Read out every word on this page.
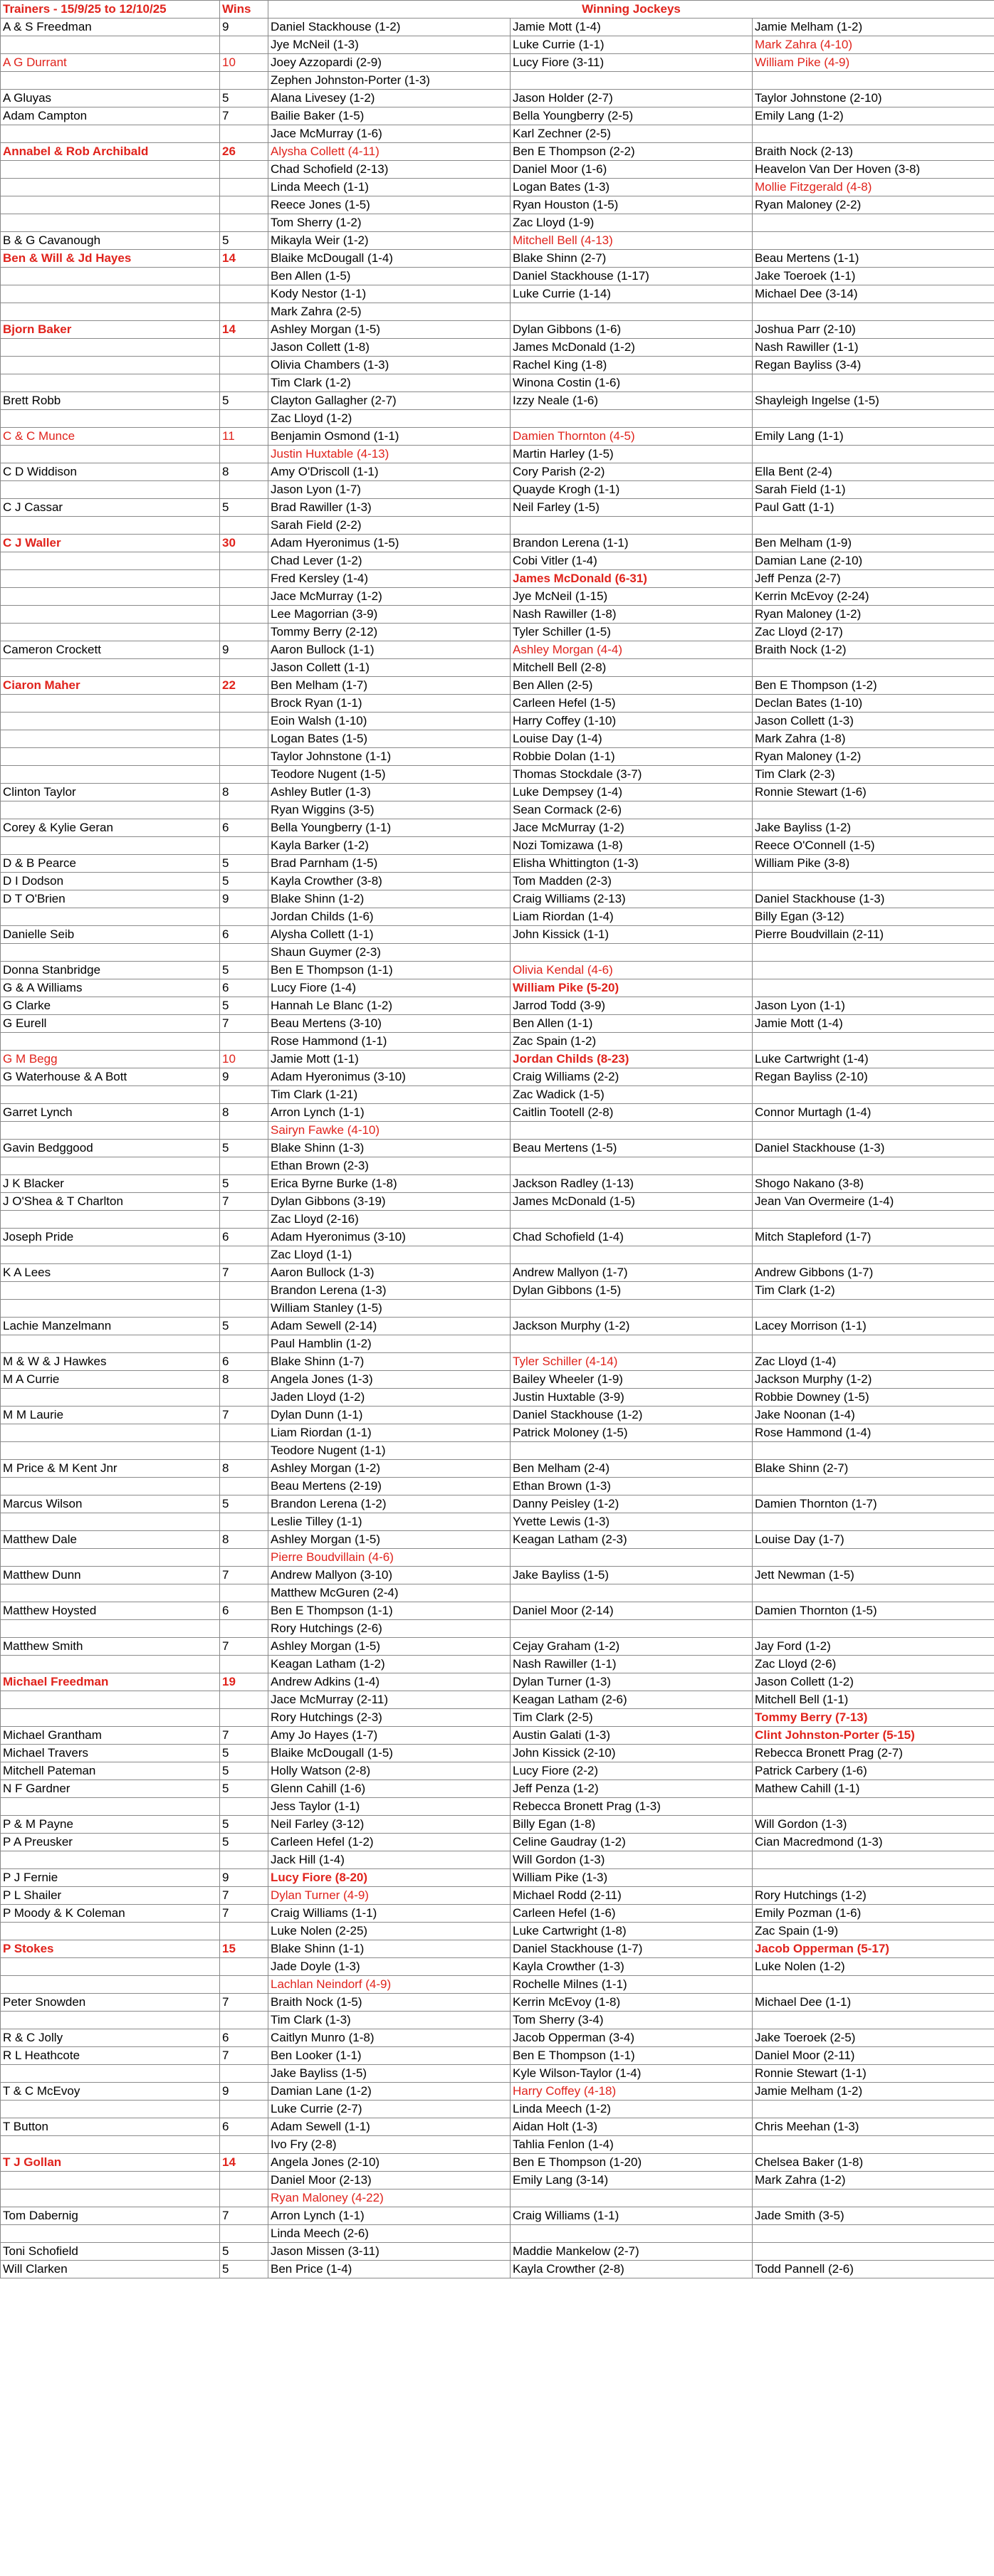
Trainers - 15/9/25 to 12/10/25	Wins	Winning Jockeys		
A & S Freedman	9	Daniel Stackhouse (1-2)	Jamie Mott (1-4)	Jamie Melham (1-2)
		Jye McNeil (1-3)	Luke Currie (1-1)	Mark Zahra (4-10)
A G Durrant	10	Joey Azzopardi (2-9)	Lucy Fiore (3-11)	William Pike (4-9)
		Zephen Johnston-Porter (1-3)		
A Gluyas	5	Alana Livesey (1-2)	Jason Holder (2-7)	Taylor Johnstone (2-10)
Adam Campton	7	Bailie Baker (1-5)	Bella Youngberry (2-5)	Emily Lang (1-2)
		Jace McMurray (1-6)	Karl Zechner (2-5)	
Annabel & Rob Archibald	26	Alysha Collett (4-11)	Ben E Thompson (2-2)	Braith Nock (2-13)
		Chad Schofield (2-13)	Daniel Moor (1-6)	Heavelon Van Der Hoven (3-8)
		Linda Meech (1-1)	Logan Bates (1-3)	Mollie Fitzgerald (4-8)
		Reece Jones (1-5)	Ryan Houston (1-5)	Ryan Maloney (2-2)
		Tom Sherry (1-2)	Zac Lloyd (1-9)	
B & G Cavanough	5	Mikayla Weir (1-2)	Mitchell Bell (4-13)	
Ben & Will & Jd Hayes	14	Blaike McDougall (1-4)	Blake Shinn (2-7)	Beau Mertens (1-1)
		Ben Allen (1-5)	Daniel Stackhouse (1-17)	Jake Toeroek (1-1)
		Kody Nestor (1-1)	Luke Currie (1-14)	Michael Dee (3-14)
		Mark Zahra (2-5)		
Bjorn Baker	14	Ashley Morgan (1-5)	Dylan Gibbons (1-6)	Joshua Parr (2-10)
		Jason Collett (1-8)	James McDonald (1-2)	Nash Rawiller (1-1)
		Olivia Chambers (1-3)	Rachel King (1-8)	Regan Bayliss (3-4)
		Tim Clark (1-2)	Winona Costin (1-6)	
Brett Robb	5	Clayton Gallagher (2-7)	Izzy Neale (1-6)	Shayleigh Ingelse (1-5)
		Zac Lloyd (1-2)		
C & C Munce	11	Benjamin Osmond (1-1)	Damien Thornton (4-5)	Emily Lang (1-1)
		Justin Huxtable (4-13)	Martin Harley (1-5)	
C D Widdison	8	Amy O'Driscoll (1-1)	Cory Parish (2-2)	Ella Bent (2-4)
		Jason Lyon (1-7)	Quayde Krogh (1-1)	Sarah Field (1-1)
C J Cassar	5	Brad Rawiller (1-3)	Neil Farley (1-5)	Paul Gatt (1-1)
		Sarah Field (2-2)		
C J Waller	30	Adam Hyeronimus (1-5)	Brandon Lerena (1-1)	Ben Melham (1-9)
		Chad Lever (1-2)	Cobi Vitler (1-4)	Damian Lane (2-10)
		Fred Kersley (1-4)	James McDonald (6-31)	Jeff Penza (2-7)
		Jace McMurray (1-2)	Jye McNeil (1-15)	Kerrin McEvoy (2-24)
		Lee Magorrian (3-9)	Nash Rawiller (1-8)	Ryan Maloney (1-2)
		Tommy Berry (2-12)	Tyler Schiller (1-5)	Zac Lloyd (2-17)
Cameron Crockett	9	Aaron Bullock (1-1)	Ashley Morgan (4-4)	Braith Nock (1-2)
		Jason Collett (1-1)	Mitchell Bell (2-8)	
Ciaron Maher	22	Ben Melham (1-7)	Ben Allen (2-5)	Ben E Thompson (1-2)
		Brock Ryan (1-1)	Carleen Hefel (1-5)	Declan Bates (1-10)
		Eoin Walsh (1-10)	Harry Coffey (1-10)	Jason Collett (1-3)
		Logan Bates (1-5)	Louise Day (1-4)	Mark Zahra (1-8)
		Taylor Johnstone (1-1)	Robbie Dolan (1-1)	Ryan Maloney (1-2)
		Teodore Nugent (1-5)	Thomas Stockdale (3-7)	Tim Clark (2-3)
Clinton Taylor	8	Ashley Butler (1-3)	Luke Dempsey (1-4)	Ronnie Stewart (1-6)
		Ryan Wiggins (3-5)	Sean Cormack (2-6)	
Corey & Kylie Geran	6	Bella Youngberry (1-1)	Jace McMurray (1-2)	Jake Bayliss (1-2)
		Kayla Barker (1-2)	Nozi Tomizawa (1-8)	Reece O'Connell (1-5)
D & B Pearce	5	Brad Parnham (1-5)	Elisha Whittington (1-3)	William Pike (3-8)
D I Dodson	5	Kayla Crowther (3-8)	Tom Madden (2-3)	
D T O'Brien	9	Blake Shinn (1-2)	Craig Williams (2-13)	Daniel Stackhouse (1-3)
		Jordan Childs (1-6)	Liam Riordan (1-4)	Billy Egan (3-12)
Danielle Seib	6	Alysha Collett (1-1)	John Kissick (1-1)	Pierre Boudvillain (2-11)
		Shaun Guymer (2-3)		
Donna Stanbridge	5	Ben E Thompson (1-1)	Olivia Kendal (4-6)	
G & A Williams	6	Lucy Fiore (1-4)	William Pike (5-20)	
G Clarke	5	Hannah Le Blanc (1-2)	Jarrod Todd (3-9)	Jason Lyon (1-1)
G Eurell	7	Beau Mertens (3-10)	Ben Allen (1-1)	Jamie Mott (1-4)
		Rose Hammond (1-1)	Zac Spain (1-2)	
G M Begg	10	Jamie Mott (1-1)	Jordan Childs (8-23)	Luke Cartwright (1-4)
G Waterhouse & A Bott	9	Adam Hyeronimus (3-10)	Craig Williams (2-2)	Regan Bayliss (2-10)
		Tim Clark (1-21)	Zac Wadick (1-5)	
Garret Lynch	8	Arron Lynch (1-1)	Caitlin Tootell (2-8)	Connor Murtagh (1-4)
		Sairyn Fawke (4-10)		
Gavin Bedggood	5	Blake Shinn (1-3)	Beau Mertens (1-5)	Daniel Stackhouse (1-3)
		Ethan Brown (2-3)		
J K Blacker	5	Erica Byrne Burke (1-8)	Jackson Radley (1-13)	Shogo Nakano (3-8)
J O'Shea & T Charlton	7	Dylan Gibbons (3-19)	James McDonald (1-5)	Jean Van Overmeire (1-4)
		Zac Lloyd (2-16)		
Joseph Pride	6	Adam Hyeronimus (3-10)	Chad Schofield (1-4)	Mitch Stapleford (1-7)
		Zac Lloyd (1-1)		
K A Lees	7	Aaron Bullock (1-3)	Andrew Mallyon (1-7)	Andrew Gibbons (1-7)
		Brandon Lerena (1-3)	Dylan Gibbons (1-5)	Tim Clark (1-2)
		William Stanley (1-5)		
Lachie Manzelmann	5	Adam Sewell (2-14)	Jackson Murphy (1-2)	Lacey Morrison (1-1)
		Paul Hamblin (1-2)		
M & W & J Hawkes	6	Blake Shinn (1-7)	Tyler Schiller (4-14)	Zac Lloyd (1-4)
M A Currie	8	Angela Jones (1-3)	Bailey Wheeler (1-9)	Jackson Murphy (1-2)
		Jaden Lloyd (1-2)	Justin Huxtable (3-9)	Robbie Downey (1-5)
M M Laurie	7	Dylan Dunn (1-1)	Daniel Stackhouse (1-2)	Jake Noonan (1-4)
		Liam Riordan (1-1)	Patrick Moloney (1-5)	Rose Hammond (1-4)
		Teodore Nugent (1-1)		
M Price & M Kent Jnr	8	Ashley Morgan (1-2)	Ben Melham (2-4)	Blake Shinn (2-7)
		Beau Mertens (2-19)	Ethan Brown (1-3)	
Marcus Wilson	5	Brandon Lerena (1-2)	Danny Peisley (1-2)	Damien Thornton (1-7)
		Leslie Tilley (1-1)	Yvette Lewis (1-3)	
Matthew Dale	8	Ashley Morgan (1-5)	Keagan Latham (2-3)	Louise Day (1-7)
		Pierre Boudvillain (4-6)		
Matthew Dunn	7	Andrew Mallyon (3-10)	Jake Bayliss (1-5)	Jett Newman (1-5)
		Matthew McGuren (2-4)		
Matthew Hoysted	6	Ben E Thompson (1-1)	Daniel Moor (2-14)	Damien Thornton (1-5)
		Rory Hutchings (2-6)		
Matthew Smith	7	Ashley Morgan (1-5)	Cejay Graham (1-2)	Jay Ford (1-2)
		Keagan Latham (1-2)	Nash Rawiller (1-1)	Zac Lloyd (2-6)
Michael Freedman	19	Andrew Adkins (1-4)	Dylan Turner (1-3)	Jason Collett (1-2)
		Jace McMurray (2-11)	Keagan Latham (2-6)	Mitchell Bell (1-1)
		Rory Hutchings (2-3)	Tim Clark (2-5)	Tommy Berry (7-13)
Michael Grantham	7	Amy Jo Hayes (1-7)	Austin Galati (1-3)	Clint Johnston-Porter (5-15)
Michael Travers	5	Blaike McDougall (1-5)	John Kissick (2-10)	Rebecca Bronett Prag (2-7)
Mitchell Pateman	5	Holly Watson (2-8)	Lucy Fiore (2-2)	Patrick Carbery (1-6)
N F Gardner	5	Glenn Cahill (1-6)	Jeff Penza (1-2)	Mathew Cahill (1-1)
		Jess Taylor (1-1)	Rebecca Bronett Prag (1-3)	
P & M Payne	5	Neil Farley (3-12)	Billy Egan (1-8)	Will Gordon (1-3)
P A Preusker	5	Carleen Hefel (1-2)	Celine Gaudray (1-2)	Cian Macredmond (1-3)
		Jack Hill (1-4)	Will Gordon (1-3)	
P J Fernie	9	Lucy Fiore (8-20)	William Pike (1-3)	
P L Shailer	7	Dylan Turner (4-9)	Michael Rodd (2-11)	Rory Hutchings (1-2)
P Moody & K Coleman	7	Craig Williams (1-1)	Carleen Hefel (1-6)	Emily Pozman (1-6)
		Luke Nolen (2-25)	Luke Cartwright (1-8)	Zac Spain (1-9)
P Stokes	15	Blake Shinn (1-1)	Daniel Stackhouse (1-7)	Jacob Opperman (5-17)
		Jade Doyle (1-3)	Kayla Crowther (1-3)	Luke Nolen (1-2)
		Lachlan Neindorf (4-9)	Rochelle Milnes (1-1)	
Peter Snowden	7	Braith Nock (1-5)	Kerrin McEvoy (1-8)	Michael Dee (1-1)
		Tim Clark (1-3)	Tom Sherry (3-4)	
R & C Jolly	6	Caitlyn Munro (1-8)	Jacob Opperman (3-4)	Jake Toeroek (2-5)
R L Heathcote	7	Ben Looker (1-1)	Ben E Thompson (1-1)	Daniel Moor (2-11)
		Jake Bayliss (1-5)	Kyle Wilson-Taylor (1-4)	Ronnie Stewart (1-1)
T & C McEvoy	9	Damian Lane (1-2)	Harry Coffey (4-18)	Jamie Melham (1-2)
		Luke Currie (2-7)	Linda Meech (1-2)	
T Button	6	Adam Sewell (1-1)	Aidan Holt (1-3)	Chris Meehan (1-3)
		Ivo Fry (2-8)	Tahlia Fenlon (1-4)	
T J Gollan	14	Angela Jones (2-10)	Ben E Thompson (1-20)	Chelsea Baker (1-8)
		Daniel Moor (2-13)	Emily Lang (3-14)	Mark Zahra (1-2)
		Ryan Maloney (4-22)		
Tom Dabernig	7	Arron Lynch (1-1)	Craig Williams (1-1)	Jade Smith (3-5)
		Linda Meech (2-6)		
Toni Schofield	5	Jason Missen (3-11)	Maddie Mankelow (2-7)	
Will Clarken	5	Ben Price (1-4)	Kayla Crowther (2-8)	Todd Pannell (2-6)
